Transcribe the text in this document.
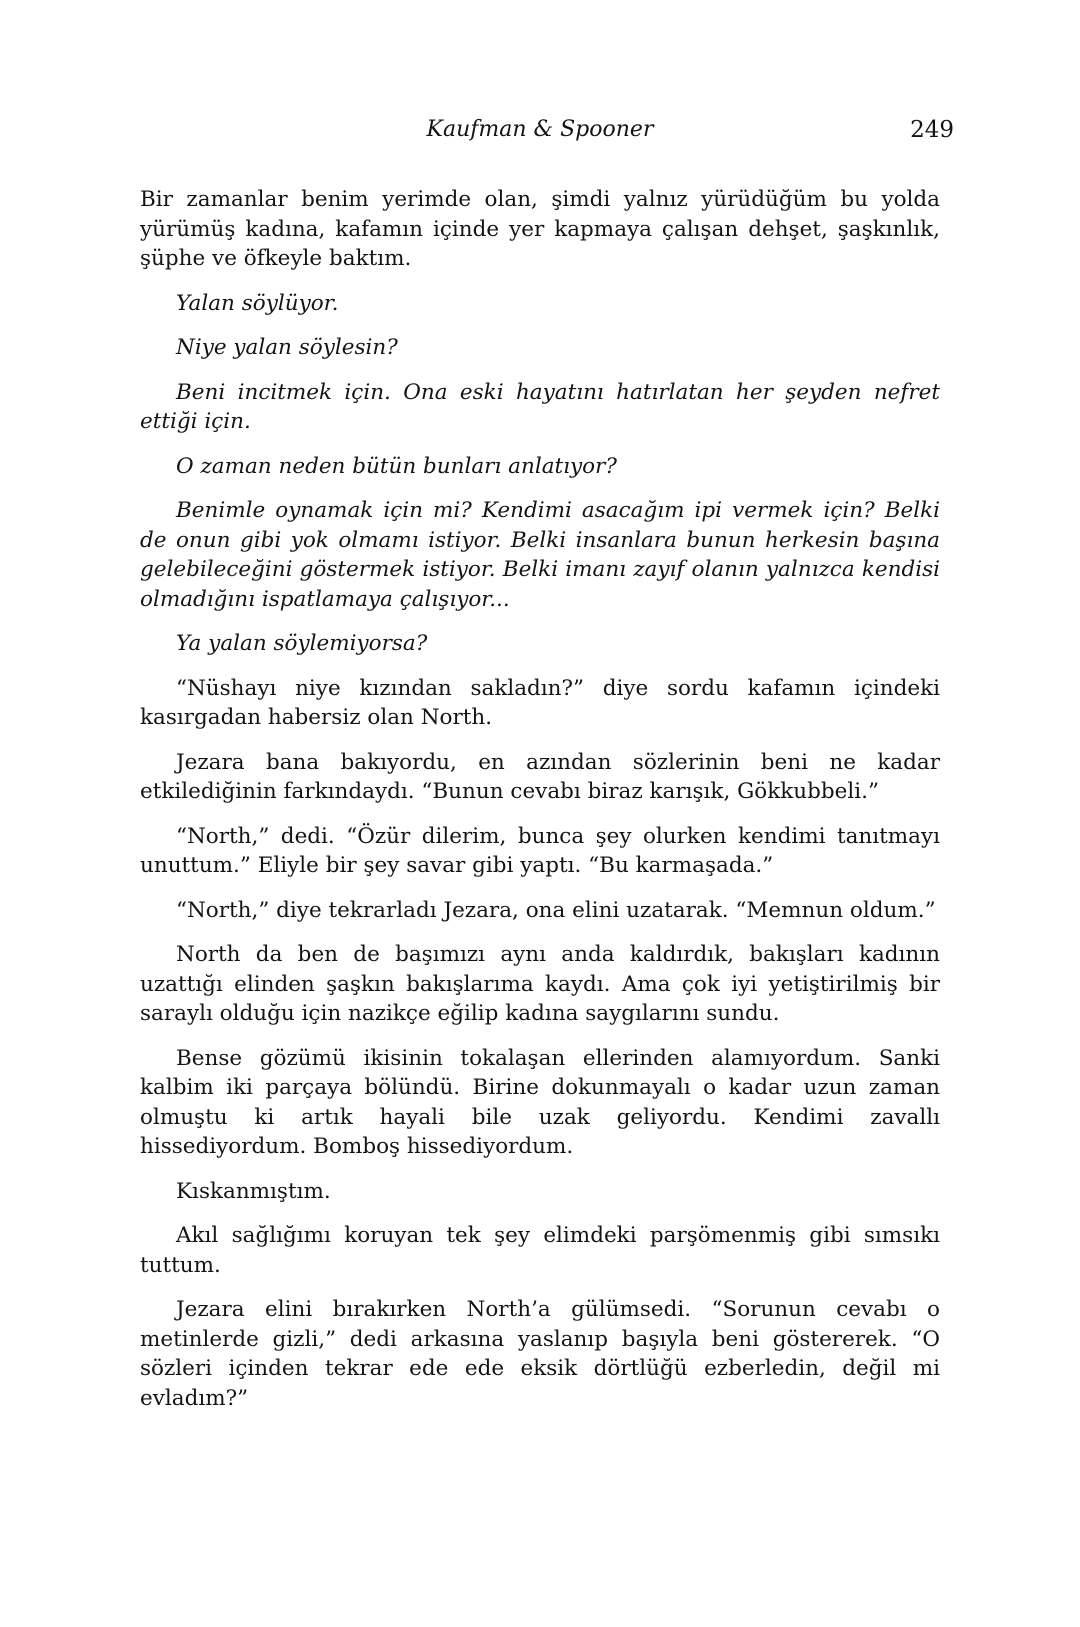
Kaufman & Spooner	249

Bir zamanlar benim yerimde olan, şimdi yalnız yürüdüğüm bu yolda yürümüş kadına, kafamın içinde yer kapmaya çalışan dehşet, şaşkınlık, şüphe ve öfkeyle baktım.

Yalan söylüyor.

Niye yalan söylesin?

Beni incitmek için. Ona eski hayatını hatırlatan her şeyden nefret ettiği için.

O zaman neden bütün bunları anlatıyor?

Benimle oynamak için mi? Kendimi asacağım ipi vermek için? Belki de onun gibi yok olmamı istiyor. Belki insanlara bunun herkesin başına gelebileceğini göstermek istiyor. Belki imanı zayıf olanın yalnızca kendisi olmadığını ispatlamaya çalışıyor...

Ya yalan söylemiyorsa?

“Nüshayı niye kızından sakladın?” diye sordu kafamın içindeki kasırgadan habersiz olan North.

Jezara bana bakıyordu, en azından sözlerinin beni ne kadar etkilediğinin farkındaydı. “Bunun cevabı biraz karışık, Gökkubbeli.”

“North,” dedi. “Özür dilerim, bunca şey olurken kendimi tanıtmayı unuttum.” Eliyle bir şey savar gibi yaptı. “Bu karmaşada.”

“North,” diye tekrarladı Jezara, ona elini uzatarak. “Memnun oldum.”

North da ben de başımızı aynı anda kaldırdık, bakışları kadının uzattığı elinden şaşkın bakışlarıma kaydı. Ama çok iyi yetiştirilmiş bir saraylı olduğu için nazikçe eğilip kadına saygılarını sundu.

Bense gözümü ikisinin tokalaşan ellerinden alamıyordum. Sanki kalbim iki parçaya bölündü. Birine dokunmayalı o kadar uzun zaman olmuştu ki artık hayali bile uzak geliyordu. Kendimi zavallı hissediyordum. Bomboş hissediyordum.

Kıskanmıştım.

Akıl sağlığımı koruyan tek şey elimdeki parşömenmiş gibi sımsıkı tuttum.

Jezara elini bırakırken North’a gülümsedi. “Sorunun cevabı o metinlerde gizli,” dedi arkasına yaslanıp başıyla beni göstererek. “O sözleri içinden tekrar ede ede eksik dörtlüğü ezberledin, değil mi evladım?”
